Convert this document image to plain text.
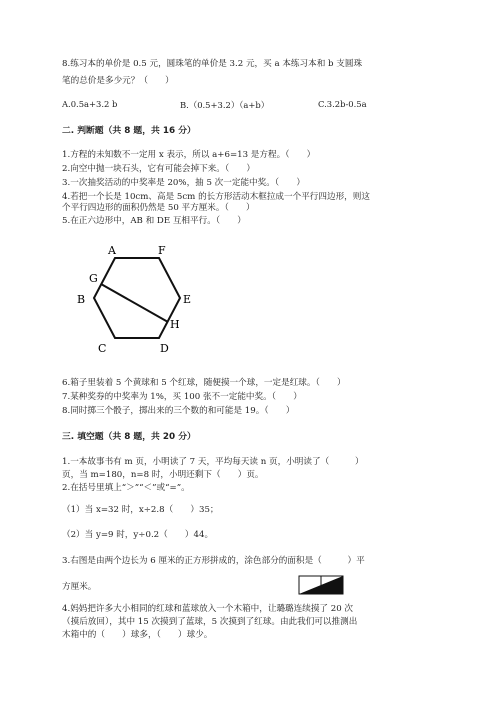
8.练习本的单价是 0.5 元，圆珠笔的单价是 3.2 元，买 a 本练习本和 b 支圆珠
笔的总价是多少元？（　　）
A.0.5a+3.2 b	B.（0.5+3.2）（a+b）	C.3.2b-0.5a
二. 判断题（共 8 题，共 16 分）
1.方程的未知数不一定用 x 表示，所以 a+6=13 是方程。（　　）
2.向空中抛一块石头，它有可能会掉下来。（　　）
3.一次抽奖活动的中奖率是 20%，抽 5 次一定能中奖。（　　）
4.若把一个长是 10cm、高是 5cm 的长方形活动木框拉成一个平行四边形，则这
个平行四边形的面积仍然是 50 平方厘米。（　　）
5.在正六边形中，AB 和 DE 互相平行。（　　）
A	F
G
B	E
H
C	D
6.箱子里装着 5 个黄球和 5 个红球，随便摸一个球，一定是红球。（　　）
7.某种奖券的中奖率为 1%，买 100 张不一定能中奖。（　　）
8.同时掷三个骰子，掷出来的三个数的和可能是 19。（　　）
三. 填空题（共 8 题，共 20 分）
1.一本故事书有 m 页，小明读了 7 天，平均每天读 n 页，小明读了（　　　）
页，当 m=180，n=8 时，小明还剩下（　　）页。
2.在括号里填上“＞”“＜”或“=”。
（1）当 x=32 时，x÷2.8（　　）35；
（2）当 y=9 时，y÷0.2（　　）44。
3.右图是由两个边长为 6 厘米的正方形拼成的，涂色部分的面积是（　　　）平
方厘米。
4.妈妈把许多大小相同的红球和蓝球放入一个木箱中，让璐璐连续摸了 20 次
（摸后放回），其中 15 次摸到了蓝球，5 次摸到了红球。由此我们可以推测出
木箱中的（　　）球多，（　　）球少。
